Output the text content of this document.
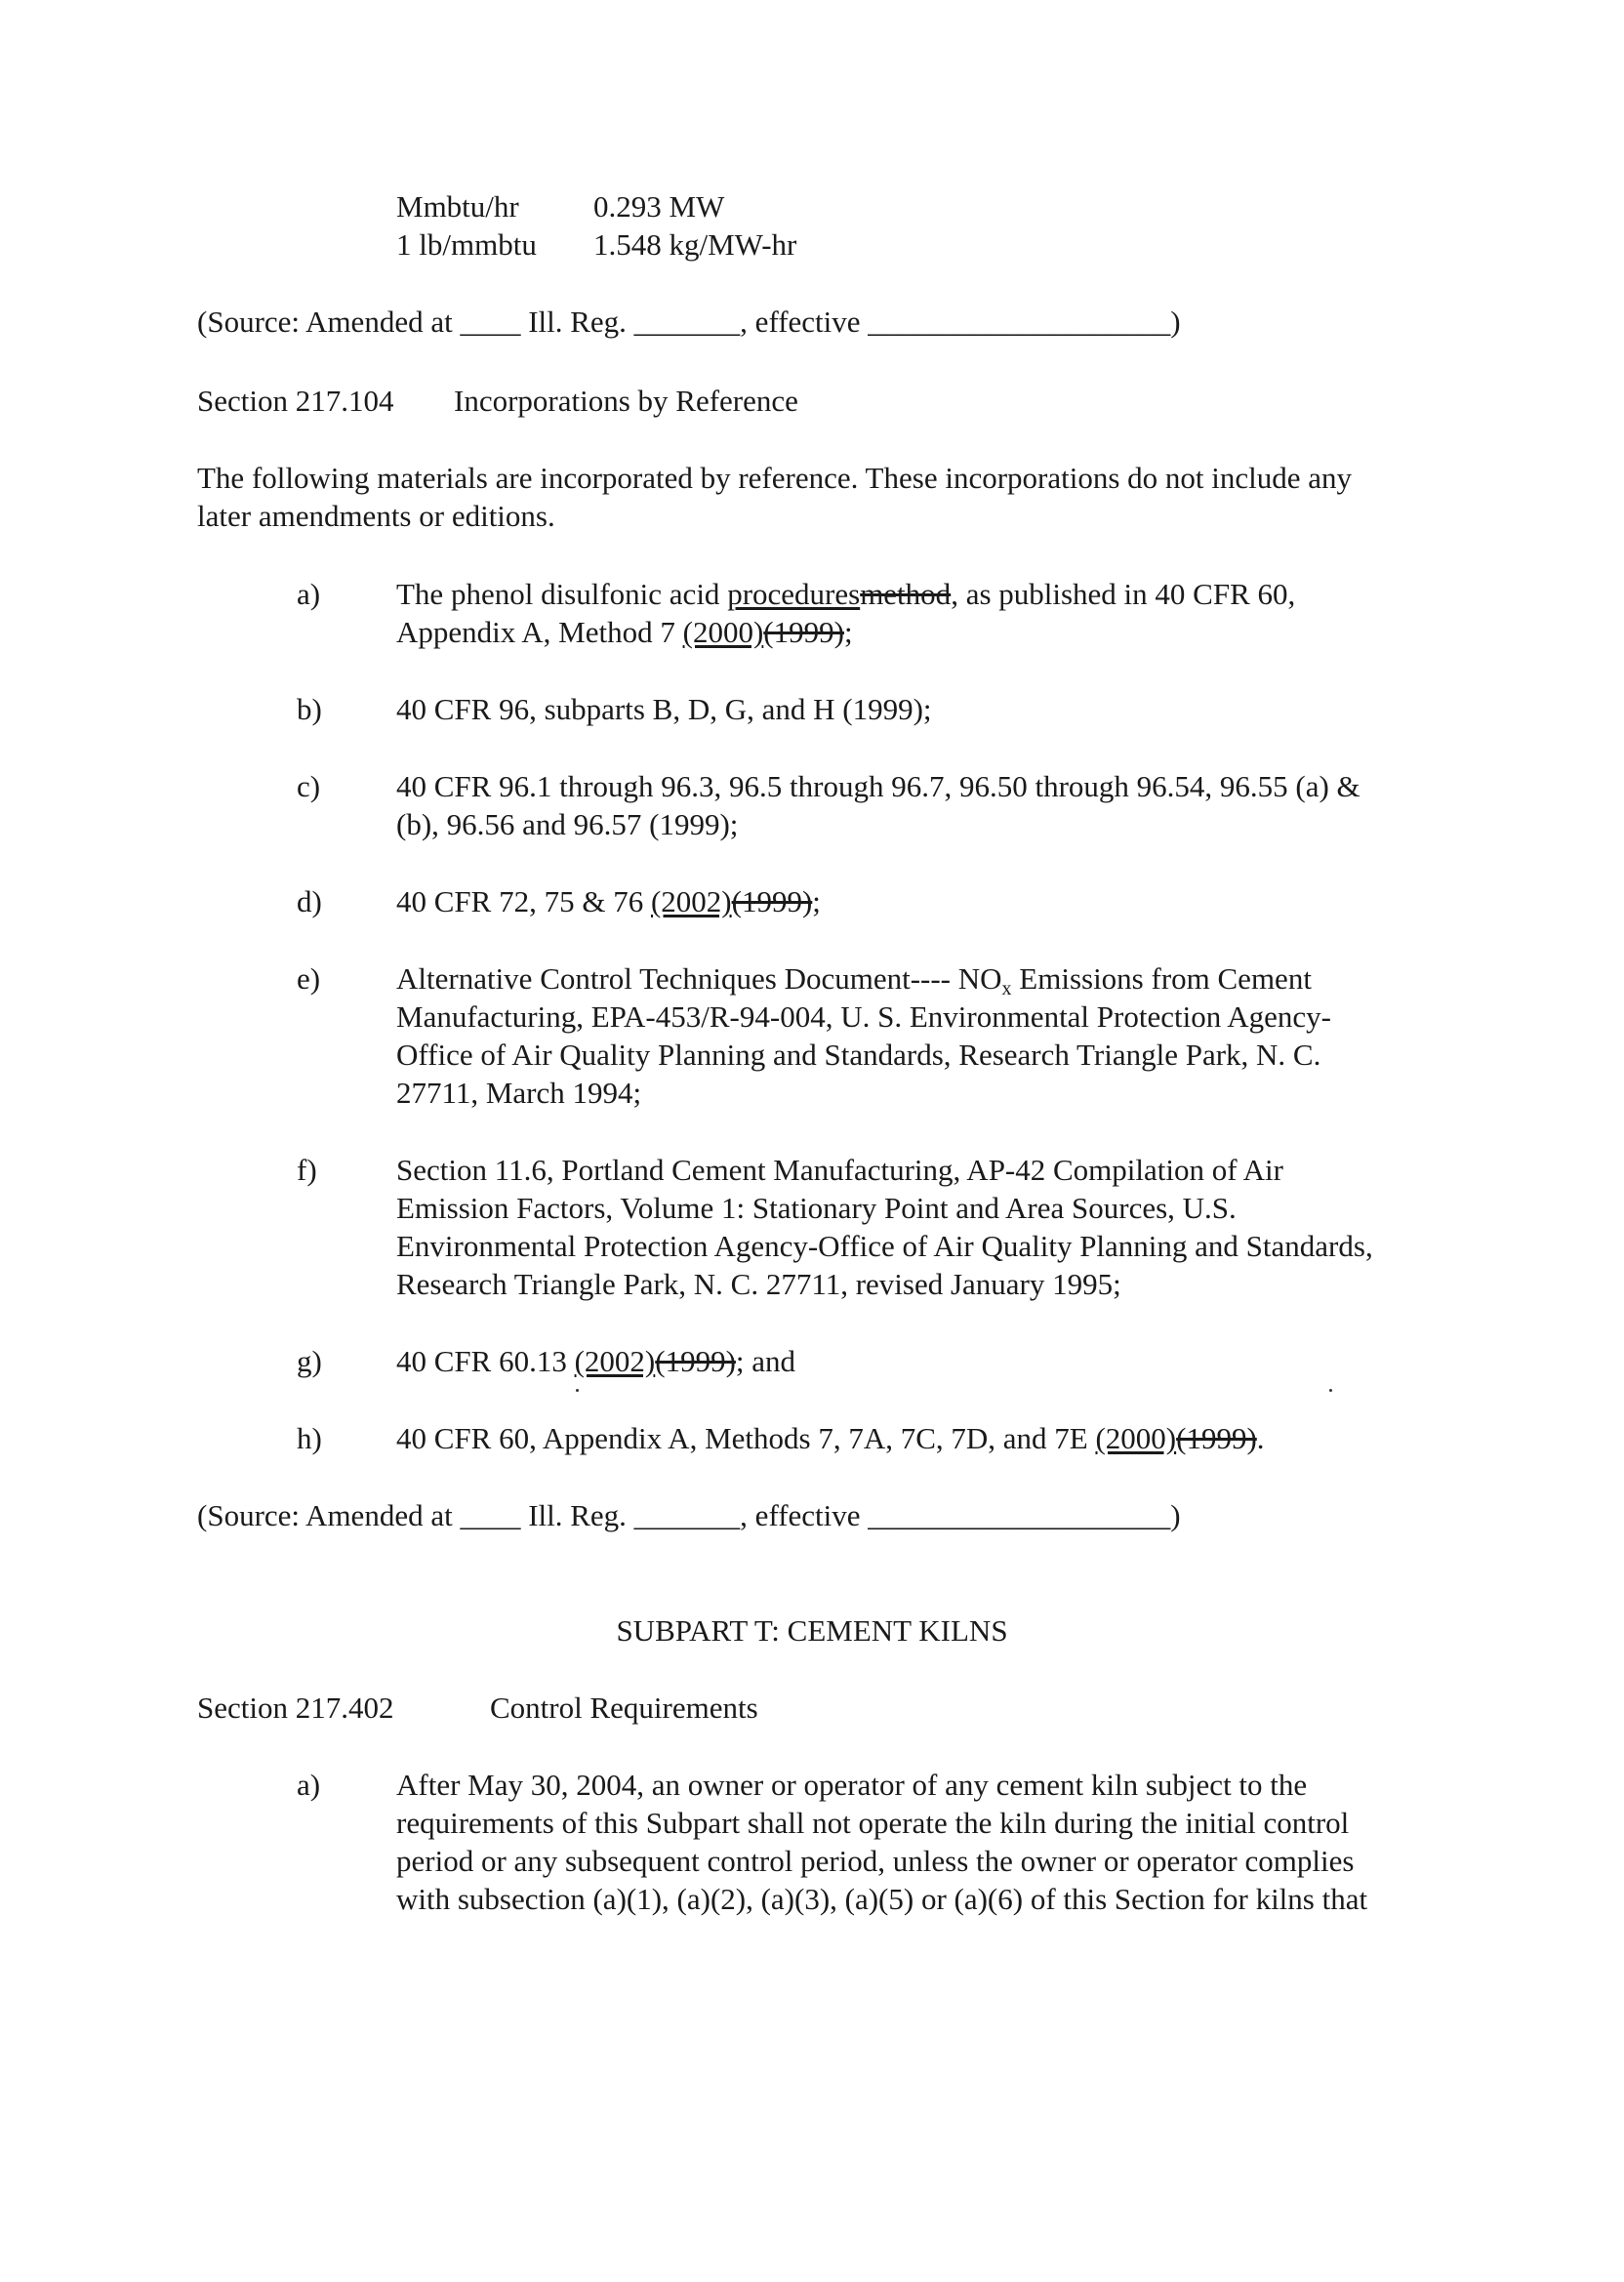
Mmbtu/hr 0.293 MW
1 lb/mmbtu 1.548 kg/MW-hr
(Source: Amended at ____ Ill. Reg. _______, effective ____________________)
Section 217.104 Incorporations by Reference
The following materials are incorporated by reference. These incorporations do not include any
later amendments or editions.
a)	The phenol disulfonic acid proceduresmethod, as published in 40 CFR 60,
Appendix A, Method 7 (2000)(1999);
b) 40 CFR 96, subparts B, D, G, and H (1999);
c)	40 CFR 96.1 through 96.3, 96.5 through 96.7, 96.50 through 96.54, 96.55 (a) &
(b), 96.56 and 96.57 (1999);
d) 40 CFR 72, 75 & 76 (2002)(1999);
e)	Alternative Control Techniques Document---- $NO_x$ Emissions from Cement
Manufacturing, EPA-453/R-94-004, U. S. Environmental Protection Agency-
Office of Air Quality Planning and Standards, Research Triangle Park, N. C.
27711, March 1994;
f)	Section 11.6, Portland Cement Manufacturing, AP-42 Compilation of Air
Emission Factors, Volume 1: Stationary Point and Area Sources, U.S.
Environmental Protection Agency-Office of Air Quality Planning and Standards,
Research Triangle Park, N. C. 27711, revised January 1995;
g) 40 CFR 60.13 (2002)(1999); and
h) 40 CFR 60, Appendix A, Methods 7, 7A, 7C, 7D, and 7E (2000)(1999).
(Source: Amended at ____ Ill. Reg. _______, effective ____________________)
SUBPART T: CEMENT KILNS
Section 217.402	Control Requirements
a)	After May 30, 2004, an owner or operator of any cement kiln subject to the
requirements of this Subpart shall not operate the kiln during the initial control
period or any subsequent control period, unless the owner or operator complies
with subsection (a)(1), (a)(2), (a)(3), (a)(5) or (a)(6) of this Section for kilns that
